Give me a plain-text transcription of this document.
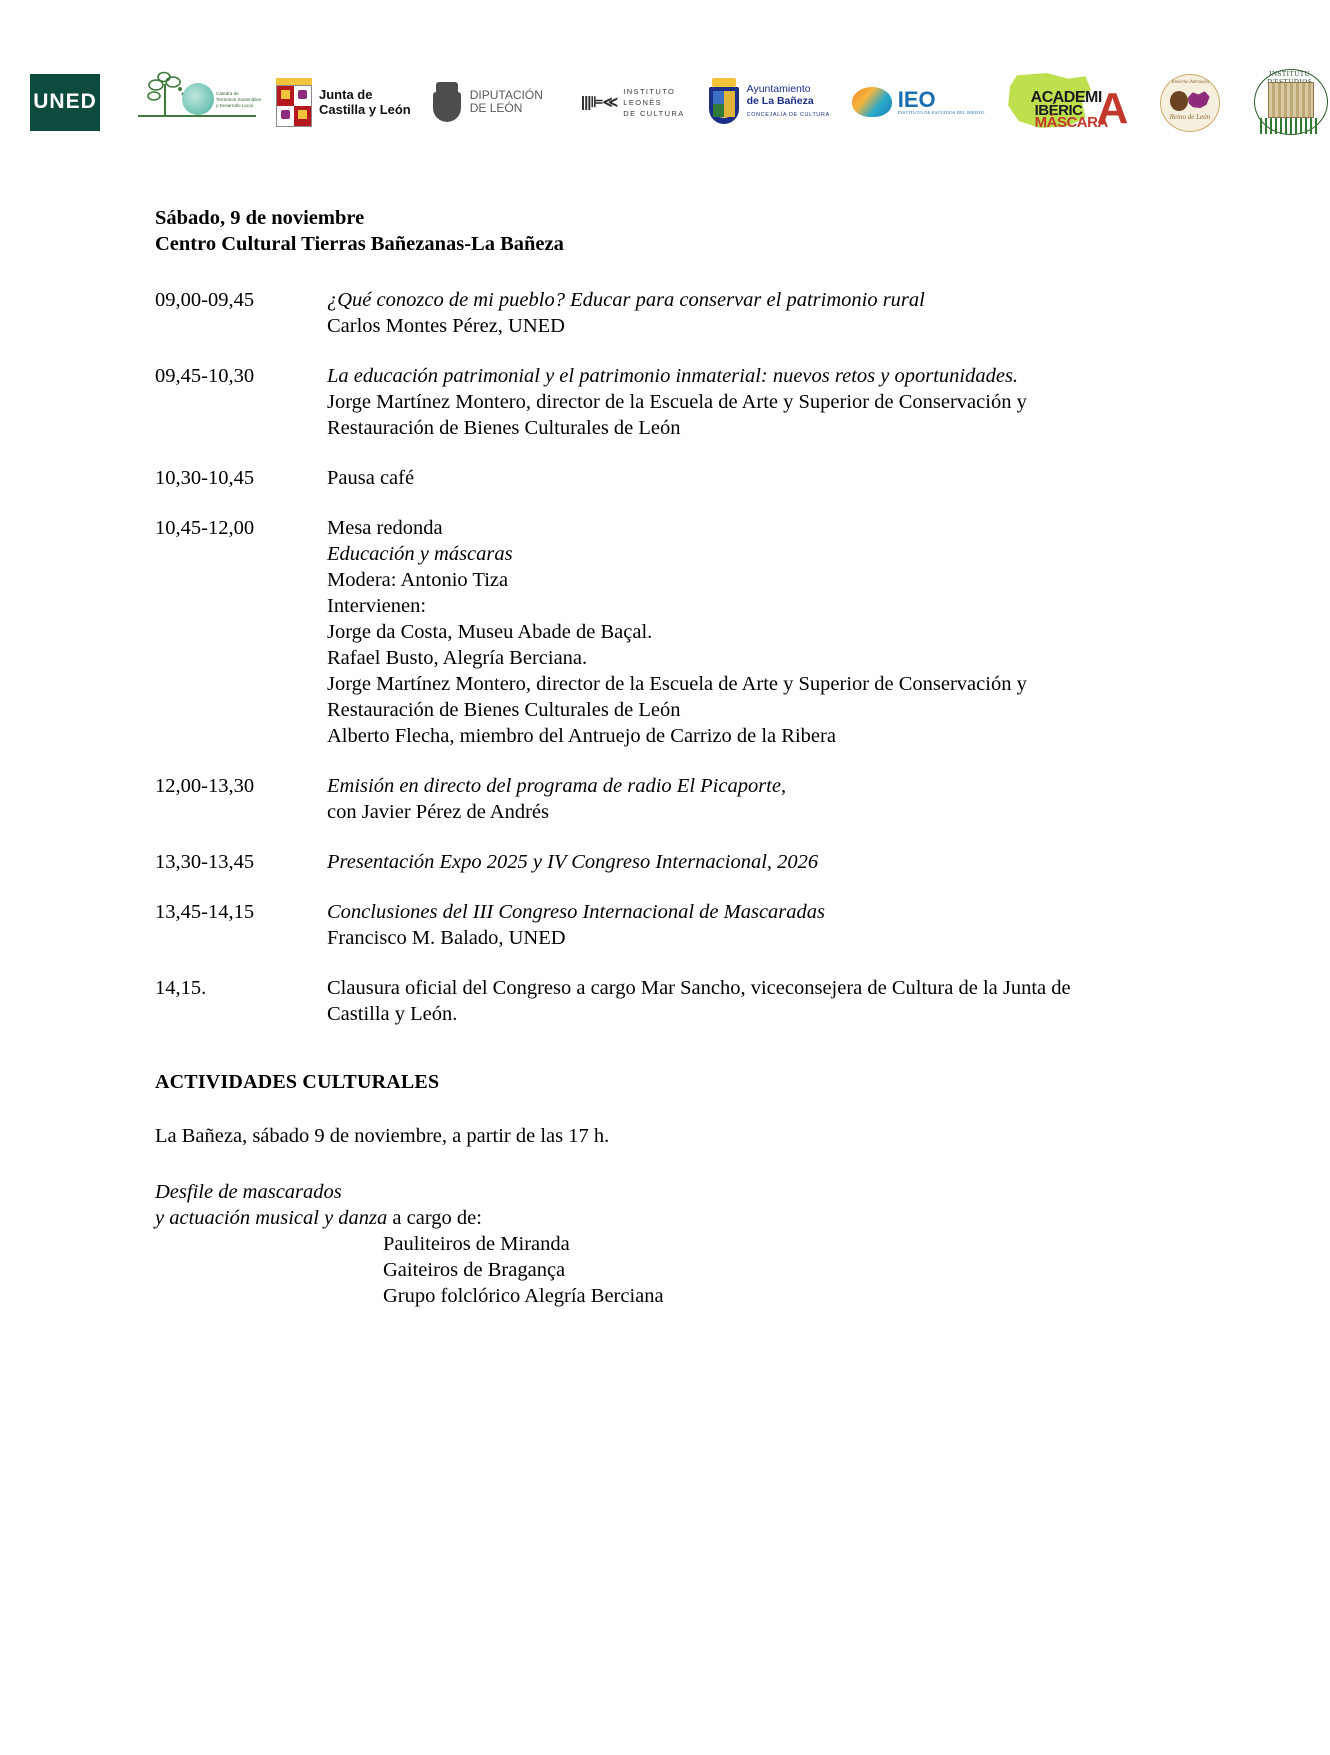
UNED	Cátedra de
Territorios Sostenibles
y Desarrollo Local
Junta de
Castilla y León
DIPUTACIÓN
DE LEÓN	|||⊫≪
INSTITUTO
LEONÉS
DE CULTURA
Ayuntamiento
de La Bañeza
CONCEJALÍA DE CULTURA
IEO
INSTITUTO DE ESTUDIOS DEL BIERZO
ACADEMI
IBÉRIC
MÁSCARA
A
Invierno Antruejos
Reino de León
INSTITUTU
Sábado, 9 de noviembre
Centro Cultural Tierras Bañezanas-La Bañeza
09,00-09,45	¿Qué conozco de mi pueblo? Educar para conservar el patrimonio rural
Carlos Montes Pérez, UNED
09,45-10,30	La educación patrimonial y el patrimonio inmaterial: nuevos retos y oportunidades.
Jorge Martínez Montero, director de la Escuela de Arte y Superior de Conservación y Restauración de Bienes Culturales de León
10,30-10,45	Pausa café
10,45-12,00	Mesa redonda
Educación y máscaras
Modera: Antonio Tiza
Intervienen:
Jorge da Costa, Museu Abade de Baçal.
Rafael Busto, Alegría Berciana.
Jorge Martínez Montero, director de la Escuela de Arte y Superior de Conservación y Restauración de Bienes Culturales de León
Alberto Flecha, miembro del Antruejo de Carrizo de la Ribera
12,00-13,30	Emisión en directo del programa de radio El Picaporte,
con Javier Pérez de Andrés
13,30-13,45	Presentación Expo 2025 y IV Congreso Internacional, 2026
13,45-14,15	Conclusiones del III Congreso Internacional de Mascaradas
Francisco M. Balado, UNED
14,15.	Clausura oficial del Congreso a cargo Mar Sancho, viceconsejera de Cultura de la Junta de Castilla y León.
ACTIVIDADES CULTURALES
La Bañeza, sábado 9 de noviembre, a partir de las 17 h.
Desfile de mascarados
y actuación musical y danza a cargo de:
Pauliteiros de Miranda
Gaiteiros de Bragança
Grupo folclórico Alegría Berciana
